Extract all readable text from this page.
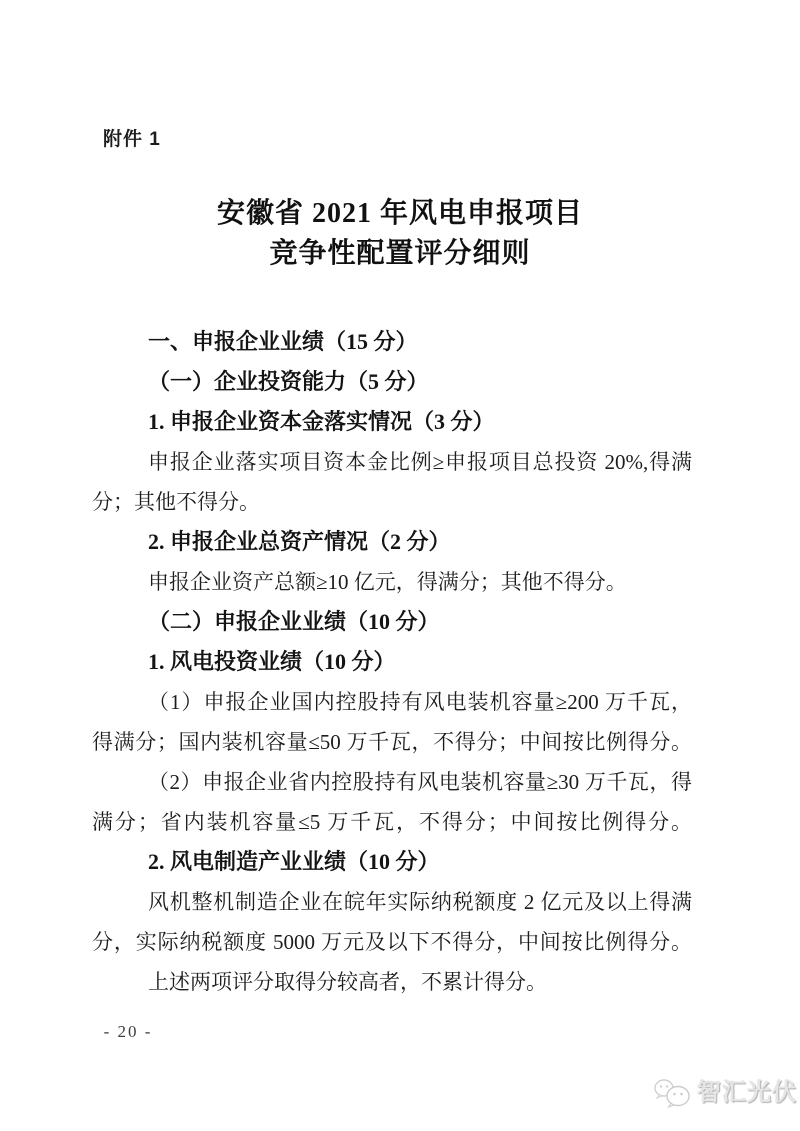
附件 1
安徽省 2021 年风电申报项目
竞争性配置评分细则
一、申报企业业绩（15 分）
（一）企业投资能力（5 分）
1. 申报企业资本金落实情况（3 分）
申报企业落实项目资本金比例≥申报项目总投资 20%,得满
分；其他不得分。
2. 申报企业总资产情况（2 分）
申报企业资产总额≥10 亿元，得满分；其他不得分。
（二）申报企业业绩（10 分）
1. 风电投资业绩（10 分）
（1）申报企业国内控股持有风电装机容量≥200 万千瓦，
得满分；国内装机容量≤50 万千瓦，不得分；中间按比例得分。
（2）申报企业省内控股持有风电装机容量≥30 万千瓦，得
满分；省内装机容量≤5 万千瓦，不得分；中间按比例得分。
2. 风电制造产业业绩（10 分）
风机整机制造企业在皖年实际纳税额度 2 亿元及以上得满
分，实际纳税额度 5000 万元及以下不得分，中间按比例得分。
上述两项评分取得分较高者，不累计得分。
- 20 -
智汇光伏
